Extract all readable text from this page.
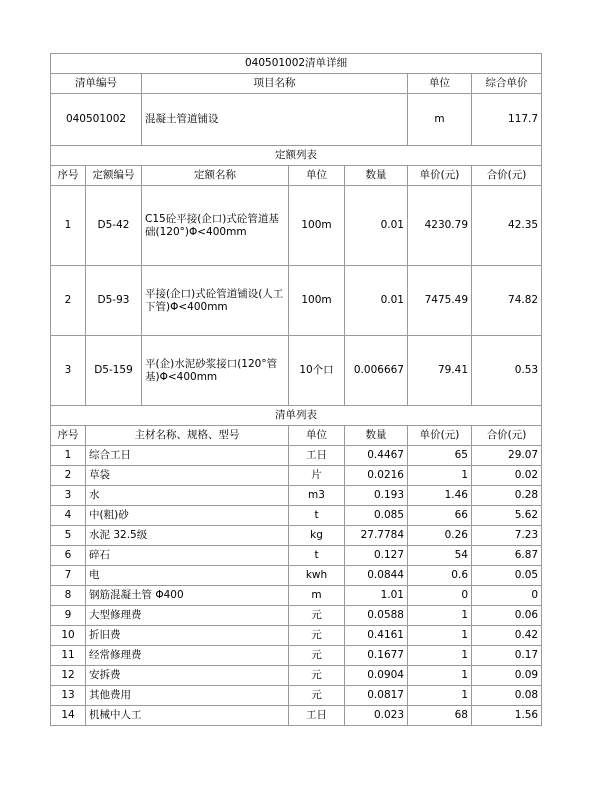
040501002清单详细						
清单编号		项目名称			单位	综合单价
040501002		混凝土管道铺设			m	117.7
定额列表						
序号	定额编号	定额名称	单位	数量	单价(元)	合价(元)
1	D5-42	C15砼平接(企口)式砼管道基础(120°)Φ<400mm	100m	0.01	4230.79	42.35
2	D5-93	平接(企口)式砼管道铺设(人工下管)Φ<400mm	100m	0.01	7475.49	74.82
3	D5-159	平(企)水泥砂浆接口(120°管基)Φ<400mm	10个口	0.006667	79.41	0.53
清单列表						
序号	主材名称、规格、型号		单位	数量	单价(元)	合价(元)
1	综合工日		工日	0.4467	65	29.07
2	草袋		片	0.0216	1	0.02
3	水		m3	0.193	1.46	0.28
4	中(粗)砂		t	0.085	66	5.62
5	水泥 32.5级		kg	27.7784	0.26	7.23
6	碎石		t	0.127	54	6.87
7	电		kwh	0.0844	0.6	0.05
8	钢筋混凝土管 Φ400		m	1.01	0	0
9	大型修理费		元	0.0588	1	0.06
10	折旧费		元	0.4161	1	0.42
11	经常修理费		元	0.1677	1	0.17
12	安拆费		元	0.0904	1	0.09
13	其他费用		元	0.0817	1	0.08
14	机械中人工		工日	0.023	68	1.56
